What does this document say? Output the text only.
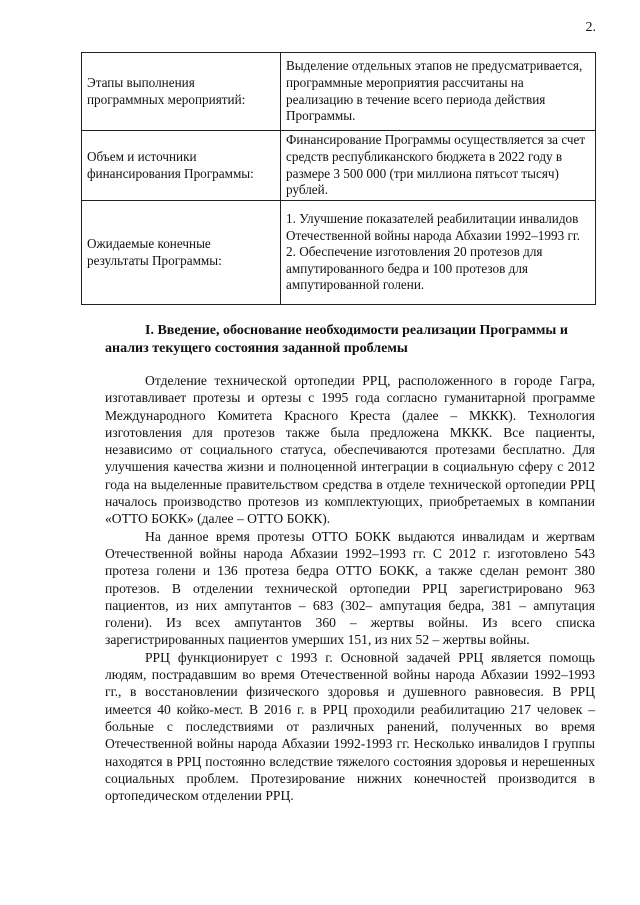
2.
Этапы выполнения программных мероприятий:	Выделение отдельных этапов не предусматривается, программные мероприятия рассчитаны на реализацию в течение всего периода действия Программы.
Объем и источники финансирования Программы:	Финансирование Программы осуществляется за счет средств республиканского бюджета в 2022 году в размере 3 500 000 (три миллиона пятьсот тысяч) рублей.
Ожидаемые конечные результаты Программы:	1. Улучшение показателей реабилитации инвалидов Отечественной войны народа Абхазии 1992–1993 гг.
2. Обеспечение изготовления 20 протезов для ампутированного бедра и 100 протезов для ампутированной голени.

I. Введение, обоснование необходимости реализации Программы и анализ текущего состояния заданной проблемы

Отделение технической ортопедии РРЦ, расположенного в городе Гагра, изготавливает протезы и ортезы с 1995 года согласно гуманитарной программе Международного Комитета Красного Креста (далее – МККК). Технология изготовления для протезов также была предложена МККК. Все пациенты, независимо от социального статуса, обеспечиваются протезами бесплатно. Для улучшения качества жизни и полноценной интеграции в социальную сферу с 2012 года на выделенные правительством средства в отделе технической ортопедии РРЦ началось производство протезов из комплектующих, приобретаемых в компании «ОТТО БОКК» (далее – ОТТО БОКК).

На данное время протезы ОТТО БОКК выдаются инвалидам и жертвам Отечественной войны народа Абхазии 1992–1993 гг. С 2012 г. изготовлено 543 протеза голени и 136 протеза бедра ОТТО БОКК, а также сделан ремонт 380 протезов. В отделении технической ортопедии РРЦ зарегистрировано 963 пациентов, из них ампутантов – 683 (302– ампутация бедра, 381 – ампутация голени). Из всех ампутантов 360 – жертвы войны. Из всего списка зарегистрированных пациентов умерших 151, из них 52 – жертвы войны.

РРЦ функционирует с 1993 г. Основной задачей РРЦ является помощь людям, пострадавшим во время Отечественной войны народа Абхазии 1992–1993 гг., в восстановлении физического здоровья и душевного равновесия. В РРЦ имеется 40 койко-мест. В 2016 г. в РРЦ проходили реабилитацию 217 человек – больные с последствиями от различных ранений, полученных во время Отечественной войны народа Абхазии 1992-1993 гг. Несколько инвалидов I группы находятся в РРЦ постоянно вследствие тяжелого состояния здоровья и нерешенных социальных проблем. Протезирование нижних конечностей производится в ортопедическом отделении РРЦ.
